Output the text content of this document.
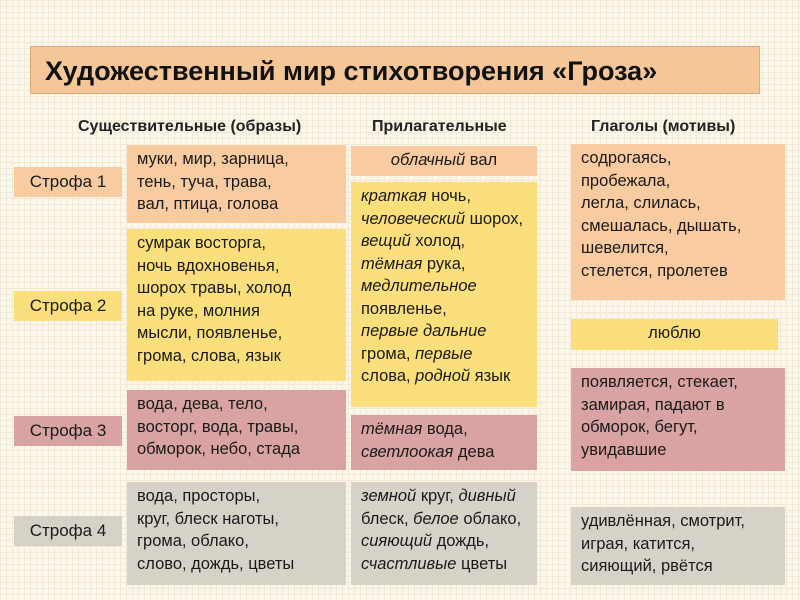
Художественный мир стихотворения «Гроза»
Существительные (образы)	Прилагательные	Глаголы (мотивы)
Строфа 1
Строфа 2
Строфа 3
Строфа 4
муки, мир, зарница,
тень, туча, трава,
вал, птица, голова
сумрак восторга,
ночь вдохновенья,
шорох травы, холод
на руке, молния
мысли, появленье,
грома, слова, язык
вода, дева, тело,
восторг, вода, травы,
обморок, небо, стада
вода, просторы,
круг, блеск наготы,
грома, облако,
слово, дождь, цветы
облачный вал
краткая ночь,
человеческий шорох,
вещий холод,
тёмная рука,
медлительное
появленье,
первые дальние
грома, первые
слова, родной язык
тёмная вода,
светлоокая дева
земной круг, дивный
блеск, белое облако,
сияющий дождь,
счастливые цветы
содрогаясь,
пробежала,
легла, слилась,
смешалась, дышать,
шевелится,
стелется, пролетев
люблю
появляется, стекает,
замирая, падают в
обморок, бегут,
увидавшие
удивлённая, смотрит,
играя, катится,
сияющий, рвётся
